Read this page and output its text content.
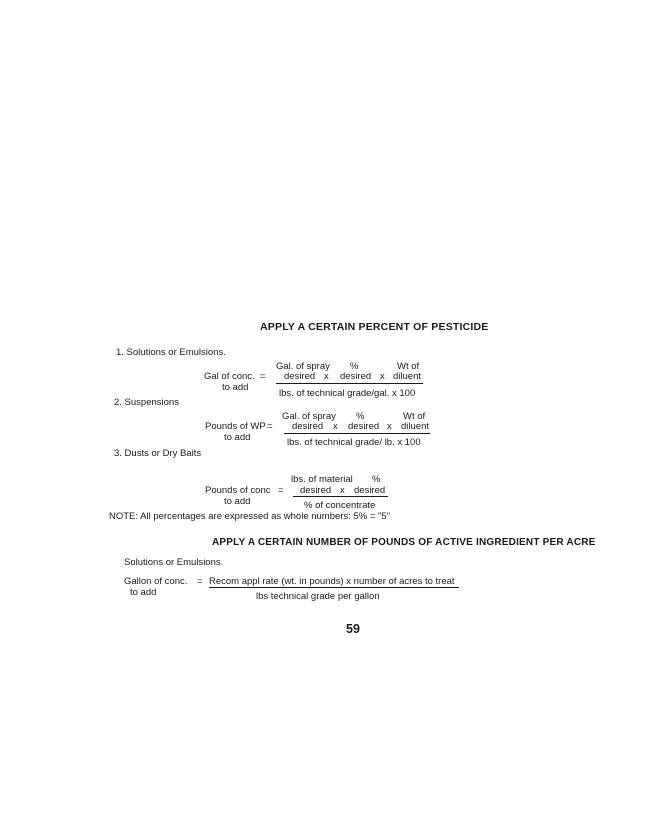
APPLY A CERTAIN PERCENT OF PESTICIDE
1. Solutions or Emulsions.
Gal. of spray %	Wt of
Gal of conc. = desired x desired x diluent
to add
lbs. of technical grade/gal. x 100
2. Suspensions
Gal. of spray %	Wt of
Pounds of WP = desired x desired x diluent
to add	lbs. of technical grade/ lb. x 100
3. Dusts or Dry Baits
lbs. of material %
Pounds of conc = desired x desired
to add	% of concentrate
NOTE: All percentages are expressed as whole numbers: 5% = "5"
APPLY A CERTAIN NUMBER OF POUNDS OF ACTIVE INGREDIENT PER ACRE
Solutions or Emulsions.
Gallon of conc. = Recom appl rate (wt. in pounds) x number of acres to treat
to add	lbs technical grade per gallon
59
